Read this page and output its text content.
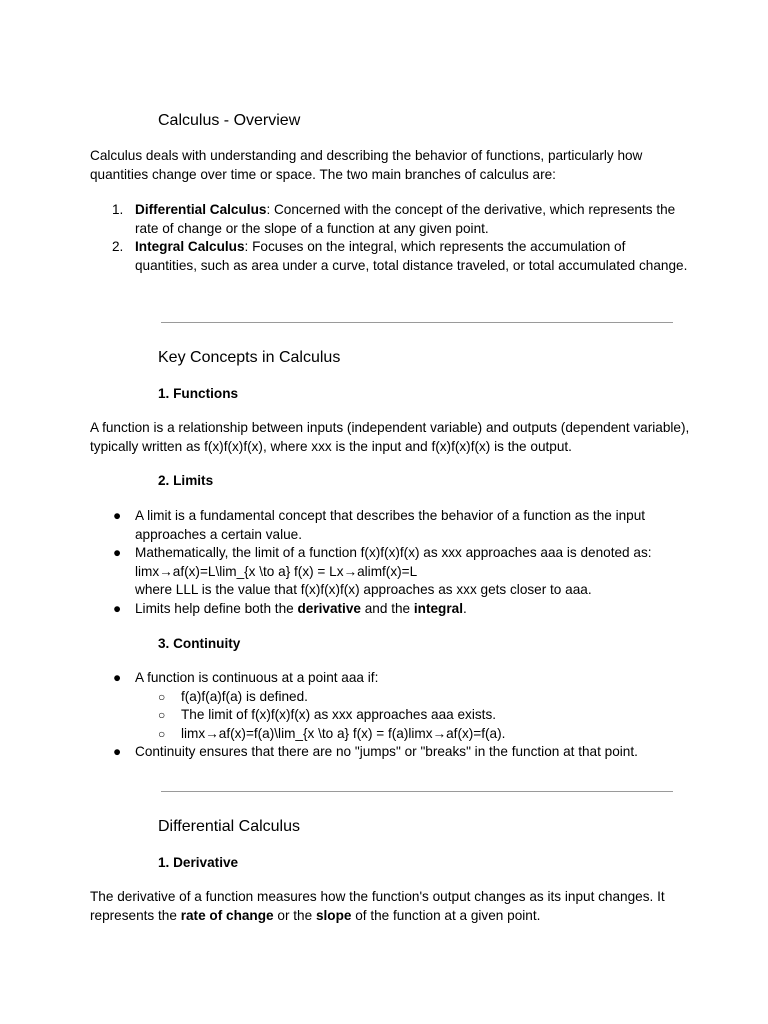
Calculus - Overview

Calculus deals with understanding and describing the behavior of functions, particularly how quantities change over time or space. The two main branches of calculus are:

1. Differential Calculus: Concerned with the concept of the derivative, which represents the rate of change or the slope of a function at any given point.
2. Integral Calculus: Focuses on the integral, which represents the accumulation of quantities, such as area under a curve, total distance traveled, or total accumulated change.
Key Concepts in Calculus
1. Functions

A function is a relationship between inputs (independent variable) and outputs (dependent variable), typically written as f(x)f(x)f(x), where xxx is the input and f(x)f(x)f(x) is the output.

2. Limits
● A limit is a fundamental concept that describes the behavior of a function as the input approaches a certain value.
● Mathematically, the limit of a function f(x)f(x)f(x) as xxx approaches aaa is denoted as:
limx→af(x)=L\lim_{x \to a} f(x) = Lx→alimf(x)=L
where LLL is the value that f(x)f(x)f(x) approaches as xxx gets closer to aaa.
● Limits help define both the derivative and the integral.
3. Continuity
● A function is continuous at a point aaa if:
○ f(a)f(a)f(a) is defined.
○ The limit of f(x)f(x)f(x) as xxx approaches aaa exists.
○ limx→af(x)=f(a)\lim_{x \to a} f(x) = f(a)limx→af(x)=f(a).
● Continuity ensures that there are no "jumps" or "breaks" in the function at that point.
Differential Calculus
1. Derivative

The derivative of a function measures how the function's output changes as its input changes. It represents the rate of change or the slope of the function at a given point.
